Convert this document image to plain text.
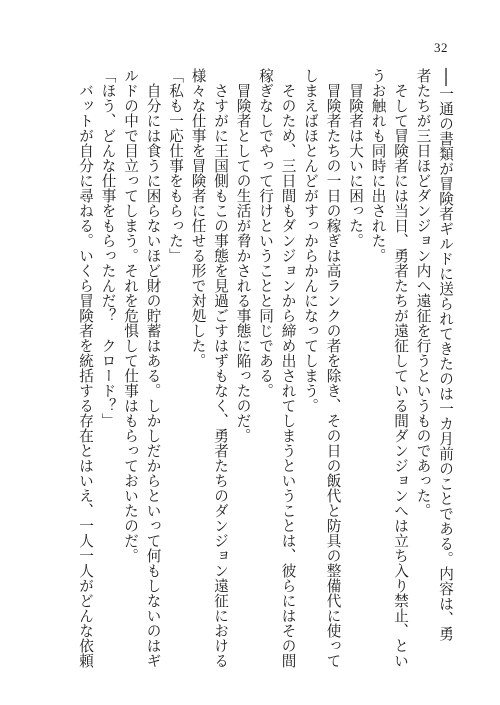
32
──一通の書類が冒険者ギルドに送られてきたのは一カ月前のことである。内容は、勇
者たちが三日ほどダンジョン内へ遠征を行うというものであった。
　そして冒険者には当日、勇者たちが遠征している間ダンジョンへは立ち入り禁止、とい
うお触れも同時に出された。
　冒険者は大いに困った。
　冒険者たちの一日の稼ぎは高ランクの者を除き、その日の飯代と防具の整備代に使って
しまえばほとんどがすっからかんになってしまう。
　そのため、三日間もダンジョンから締め出されてしまうということは、彼らにはその間
稼ぎなしでやって行けということと同じである。
　冒険者としての生活が脅かされる事態に陥ったのだ。
　さすがに王国側もこの事態を見過ごすはずもなく、勇者たちのダンジョン遠征における
様々な仕事を冒険者に任せる形で対処した。
「私も一応仕事をもらった」
　自分には食うに困らないほど財の貯蓄はある。しかしだからといって何もしないのはギ
ルドの中で目立ってしまう。それを危惧して仕事はもらっておいたのだ。
「ほう、どんな仕事をもらったんだ？　クロード？」
　バットが自分に尋ねる。いくら冒険者を統括する存在とはいえ、一人一人がどんな依頼
